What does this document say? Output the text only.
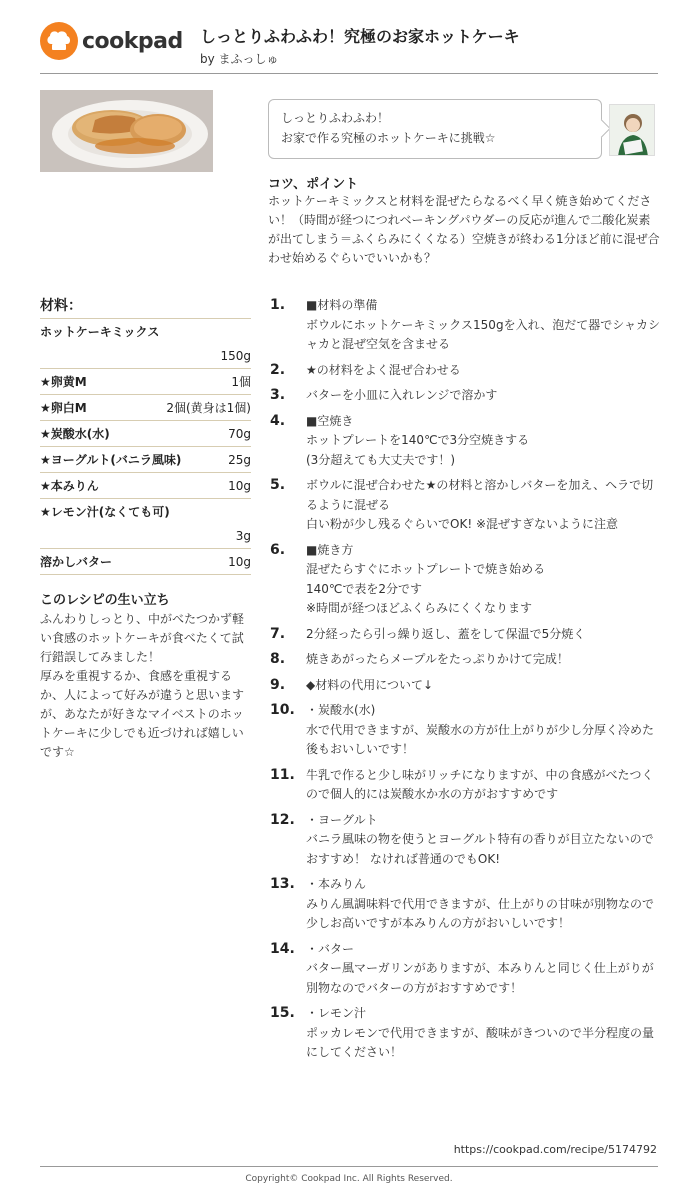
cookpad しっとりふわふわ！究極のお家ホットケーキ
by まふっしゅ
しっとりふわふわ！
お家で作る究極のホットケーキに挑戦☆
コツ、ポイント
ホットケーキミックスと材料を混ぜたらなるべく早く焼き始めてください！（時間が経つにつれベーキングパウダーの反応が進んで二酸化炭素が出てしまう＝ふくらみにくくなる）空焼きが終わる1分ほど前に混ぜ合わせ始めるぐらいでいいかも？
材料：
ホットケーキミックス
150g
★卵黄M	1個
★卵白M	2個(黄身は1個)
★炭酸水(水)	70g
★ヨーグルト(バニラ風味)	25g
★本みりん	10g
★レモン汁(なくても可)
3g
溶かしバター	10g
このレシピの生い立ち
ふんわりしっとり、中がべたつかず軽い食感のホットケーキが食べたくて試行錯誤してみました！
厚みを重視するか、食感を重視するか、人によって好みが違うと思いますが、あなたが好きなマイベストのホットケーキに少しでも近づければ嬉しいです☆
1.	■材料の準備
ボウルにホットケーキミックス150gを入れ、泡だて器でシャカシャカと混ぜ空気を含ませる
2.	★の材料をよく混ぜ合わせる
3.	バターを小皿に入れレンジで溶かす
4.	■空焼き
ホットプレートを140℃で3分空焼きする
(3分超えても大丈夫です！)
5.	ボウルに混ぜ合わせた★の材料と溶かしバターを加え、ヘラで切るように混ぜる
白い粉が少し残るぐらいでOK! ※混ぜすぎないように注意
6.	■焼き方
混ぜたらすぐにホットプレートで焼き始める
140℃で表を2分です
※時間が経つほどふくらみにくくなります
7.	2分経ったら引っ繰り返し、蓋をして保温で5分焼く
8.	焼きあがったらメープルをたっぷりかけて完成！
9.	◆材料の代用について↓
10. ・炭酸水(水)
水で代用できますが、炭酸水の方が仕上がりが少し分厚く冷めた後もおいしいです！
11. 牛乳で作ると少し味がリッチになりますが、中の食感がべたつくので個人的には炭酸水か水の方がおすすめです
12. ・ヨーグルト
バニラ風味の物を使うとヨーグルト特有の香りが目立たないのでおすすめ！ なければ普通のでもOK!
13. ・本みりん
みりん風調味料で代用できますが、仕上がりの甘味が別物なので少しお高いですが本みりんの方がおいしいです！
14. ・バター
バター風マーガリンがありますが、本みりんと同じく仕上がりが別物なのでバターの方がおすすめです！
15. ・レモン汁
ポッカレモンで代用できますが、酸味がきついので半分程度の量にしてください！
https://cookpad.com/recipe/5174792
Copyright© Cookpad Inc. All Rights Reserved.
